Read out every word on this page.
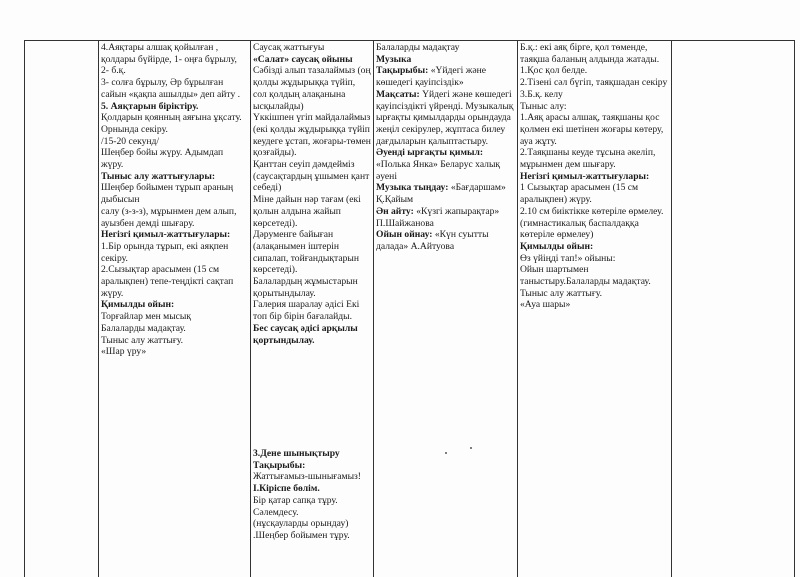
4.Аяқтары алшақ қойылған , қолдары бүйірде, 1- оңға бұрылу, 2- б.қ.
3- солға бұрылу, Әр бұрылған сайын «қақпа ашылды» деп айту .
5. Аяқтарын біріктіру.
Қолдарын қоянның аяғына ұқсату. Орнында секіру.
/15-20 секунд/
Шеңбер бойы жүру. Адымдап жүру.
Тыныс алу жаттығулары:
Шеңбер бойымен тұрып араның дыбысын
салу (з-з-з), мұрынмен дем алып, ауызбен демді шығару.
Негізгі қимыл-жаттығулары:
1.Бір орында тұрып, екі аяқпен секіру.
2.Сызықтар арасымен (15 см аралықпен) тепе-теңдікті сақтап жүру.
Қимылды ойын:
Торғайлар мен мысық
Балаларды мадақтау.
Тыныс алу жаттығу.
«Шар үру»
Саусақ жаттығуы
«Салат» саусақ ойыны
Сәбізді алып тазалаймыз (оң қолды жұдырыққа түйіп, сол қолдың алақанына ысқылайды)
Үккішпен үгіп майдалаймыз (екі қолды жұдырыққа түйіп кеудеге ұстап, жоғары-төмен қозғайды).
Қанттан сеуіп дәмдейміз (саусақтардың ұшымен қант себеді)
Міне дайын нәр тағам (екі қолын алдына жайып көрсетеді).
Дәруменге байыған (алақанымен іштерін сипалап, тойғандықтарын көрсетеді).
Балалардың жұмыстарын қорытындылау.
Галерия шаралау әдісі Екі топ бір бірін бағалайды.
Бес саусақ әдісі арқылы қортындылау.
3.Дене шынықтыру
Тақырыбы:
Жаттығамыз-шынығамыз!
І.Кіріспе бөлім.
Бір қатар сапқа тұру.
Сәлемдесу.
(нұсқауларды орындау)
.Шеңбер бойымен тұру.
Балаларды мадақтау
Музыка
Тақырыбы: «Үйдегі және көшедегі қауіпсіздік»
Мақсаты: Үйдегі және көшедегі қауіпсіздікті үйренді. Музыкалық ырғақты қимылдарды орындауда жеңіл секірулер, жұптаса билеу дағдыларын қалыптастыру.
Әуенді ырғақты қимыл: «Полька Янка» Беларус халық әуені
Музыка тыңдау: «Бағдаршам» Қ.Қайым
Ән айту: «Күзгі жапырақтар» П.Шайжанова
Ойын ойнау: «Күн суытты далада» А.Айтуова
Б.қ.: екі аяқ бірге, қол төменде, таяқша баланың алдында жатады.
1.Қос қол белде.
2.Тізені сәл бүгіп, таяқшадан секіру
3.Б.қ. келу
Тыныс алу:
1.Аяқ арасы алшақ, таяқшаны қос қолмен екі шетінен жоғары көтеру, ауа жұту.
2.Таяқшаны кеуде тұсына әкеліп, мұрынмен дем шығару.
Негізгі қимыл-жаттығулары:
1 Сызықтар арасымен (15 см аралықпен) жүру.
2.10 см биіктікке көтеріле өрмелеу. (гимнастикалық баспалдаққа көтеріле өрмелеу)
Қимылды ойын:
Өз үйіңді тап!» ойыны:
Ойын шартымен таныстыру.Балаларды мадақтау.
Тыныс алу жаттығу.
«Ауа шары»
